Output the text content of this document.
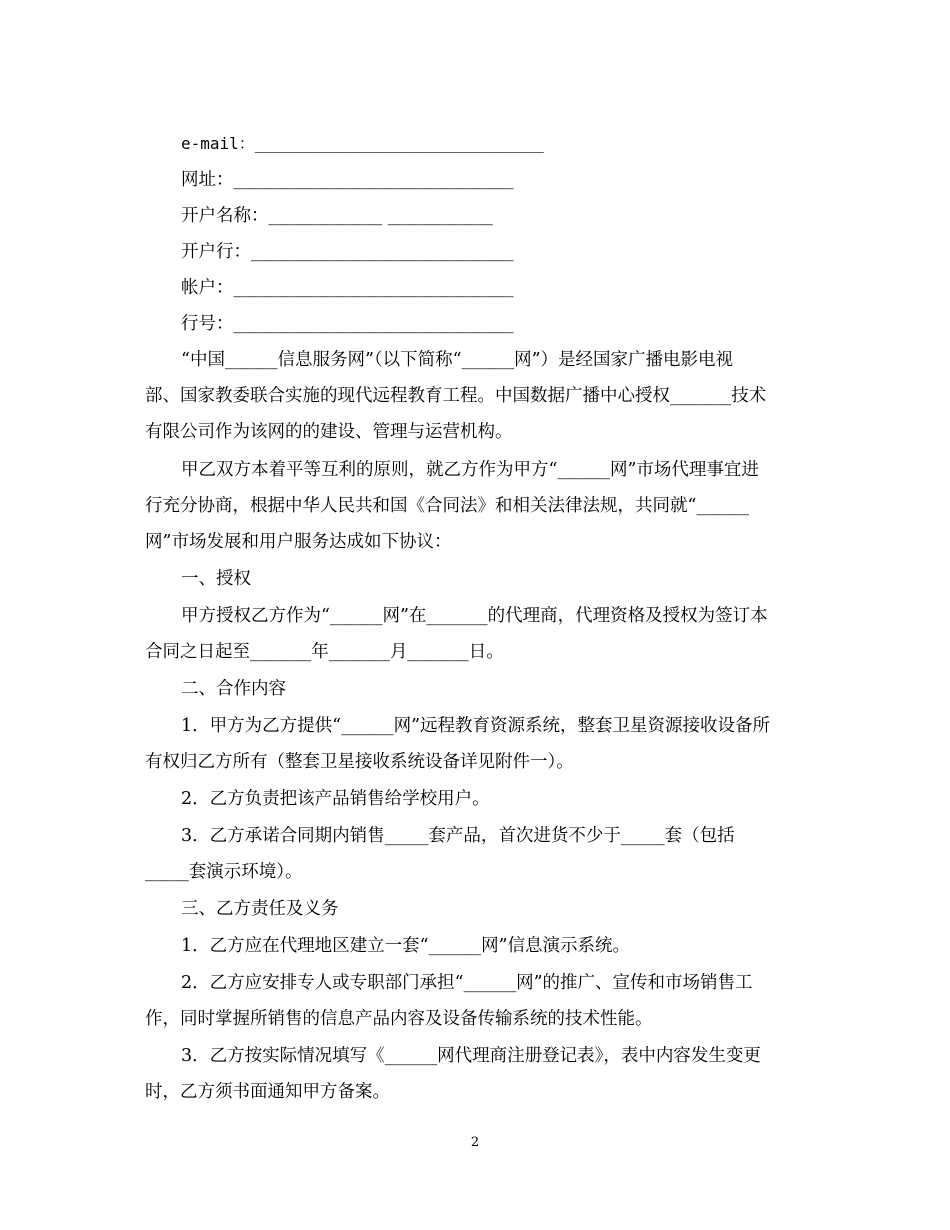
e-mail：______________________________
网址：________________________________
开户名称：_____________ ____________
开户行：______________________________
帐户：________________________________
行号：________________________________
“中国______信息服务网”（以下简称“______网”）是经国家广播电影电视
部、国家教委联合实施的现代远程教育工程。中国数据广播中心授权_______技术
有限公司作为该网的的建设、管理与运营机构。
甲乙双方本着平等互利的原则，就乙方作为甲方“______网”市场代理事宜进
行充分协商，根据中华人民共和国《合同法》和相关法律法规，共同就“______
网”市场发展和用户服务达成如下协议：
一、授权
甲方授权乙方作为“______网”在_______的代理商，代理资格及授权为签订本
合同之日起至_______年_______月_______日。
二、合作内容
1．甲方为乙方提供“______网”远程教育资源系统，整套卫星资源接收设备所
有权归乙方所有（整套卫星接收系统设备详见附件一）。
2．乙方负责把该产品销售给学校用户。
3．乙方承诺合同期内销售_____套产品，首次进货不少于_____套（包括
_____套演示环境）。
三、乙方责任及义务
1．乙方应在代理地区建立一套“______网”信息演示系统。
2．乙方应安排专人或专职部门承担“______网”的推广、宣传和市场销售工
作，同时掌握所销售的信息产品内容及设备传输系统的技术性能。
3．乙方按实际情况填写《______网代理商注册登记表》，表中内容发生变更
时，乙方须书面通知甲方备案。
2
